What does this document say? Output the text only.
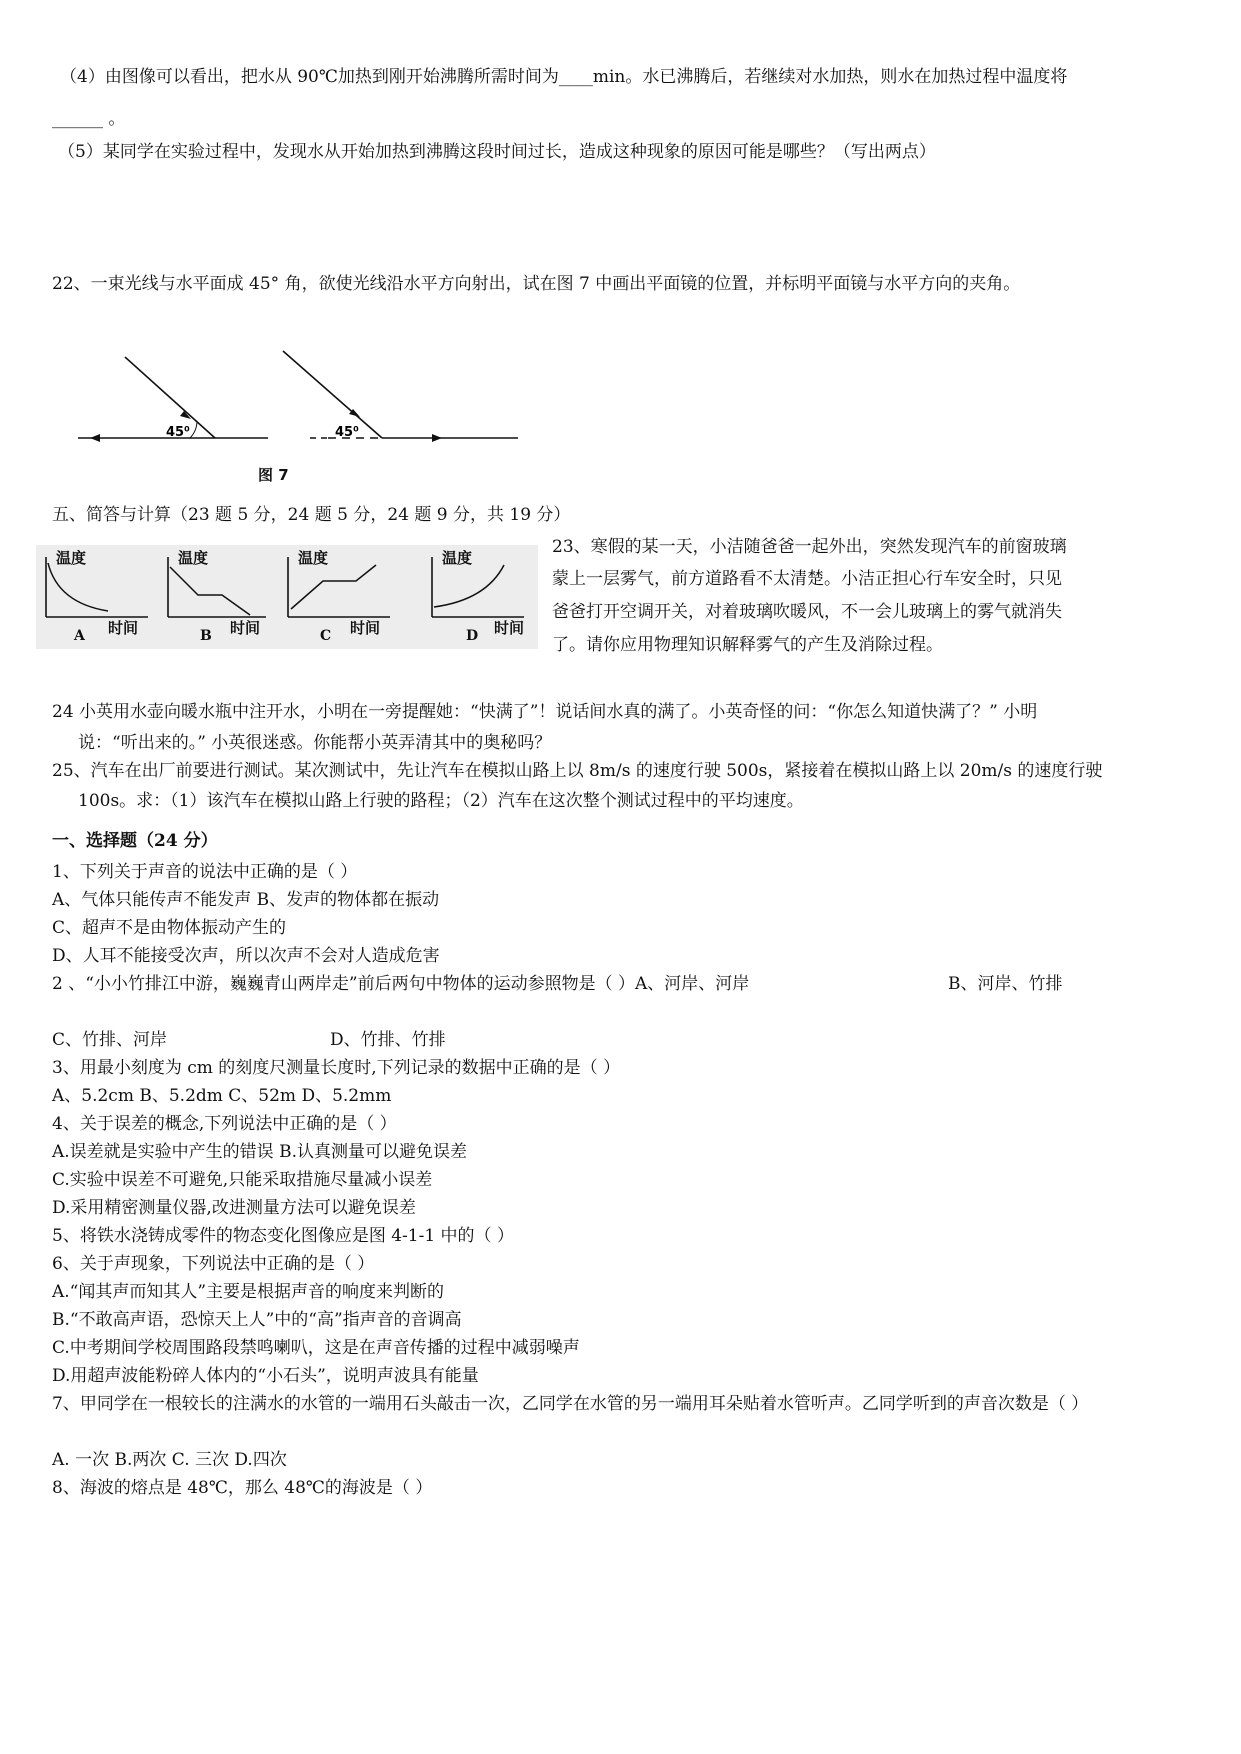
（4）由图像可以看出，把水从 90℃加热到刚开始沸腾所需时间为____min。水已沸腾后，若继续对水加热，则水在加热过程中温度将
______ 。
（5）某同学在实验过程中，发现水从开始加热到沸腾这段时间过长，造成这种现象的原因可能是哪些？（写出两点）
22、一束光线与水平面成 45° 角，欲使光线沿水平方向射出，试在图 7 中画出平面镜的位置，并标明平面镜与水平方向的夹角。
45⁰	45⁰
图 7
五、简答与计算（23 题 5 分，24 题 5 分，24 题 9 分，共 19 分）
温度	温度	温度	温度
时间	时间	时间	时间
A	B	C	D
23、寒假的某一天，小洁随爸爸一起外出，突然发现汽车的前窗玻璃
蒙上一层雾气，前方道路看不太清楚。小洁正担心行车安全时，只见
爸爸打开空调开关，对着玻璃吹暖风，不一会儿玻璃上的雾气就消失
了。请你应用物理知识解释雾气的产生及消除过程。
24 小英用水壶向暖水瓶中注开水，小明在一旁提醒她：“快满了”！说话间水真的满了。小英奇怪的问：“你怎么知道快满了？” 小明
说：“听出来的。” 小英很迷惑。你能帮小英弄清其中的奥秘吗？
25、汽车在出厂前要进行测试。某次测试中，先让汽车在模拟山路上以 8m/s 的速度行驶 500s，紧接着在模拟山路上以 20m/s 的速度行驶
100s。求：（1）该汽车在模拟山路上行驶的路程；（2）汽车在这次整个测试过程中的平均速度。
一、选择题（24 分）
1、下列关于声音的说法中正确的是（ ）
A、气体只能传声不能发声 B、发声的物体都在振动
C、超声不是由物体振动产生的
D、人耳不能接受次声，所以次声不会对人造成危害
2 、“小小竹排江中游，巍巍青山两岸走”前后两句中物体的运动参照物是（ ）A、河岸、河岸	B、河岸、竹排
C、竹排、河岸	D、竹排、竹排
3、用最小刻度为 cm 的刻度尺测量长度时,下列记录的数据中正确的是（ ）
A、5.2cm B、5.2dm C、52m D、5.2mm
4、关于误差的概念,下列说法中正确的是（ ）
A.误差就是实验中产生的错误 B.认真测量可以避免误差
C.实验中误差不可避免,只能采取措施尽量减小误差
D.采用精密测量仪器,改进测量方法可以避免误差
5、将铁水浇铸成零件的物态变化图像应是图 4-1-1 中的（ ）
6、关于声现象，下列说法中正确的是（ ）
A.“闻其声而知其人”主要是根据声音的响度来判断的
B.“不敢高声语，恐惊天上人”中的“高”指声音的音调高
C.中考期间学校周围路段禁鸣喇叭，这是在声音传播的过程中减弱噪声
D.用超声波能粉碎人体内的“小石头”，说明声波具有能量
7、甲同学在一根较长的注满水的水管的一端用石头敲击一次，乙同学在水管的另一端用耳朵贴着水管听声。乙同学听到的声音次数是（ ）
A. 一次 B.两次 C. 三次 D.四次
8、海波的熔点是 48℃，那么 48℃的海波是（ ）
